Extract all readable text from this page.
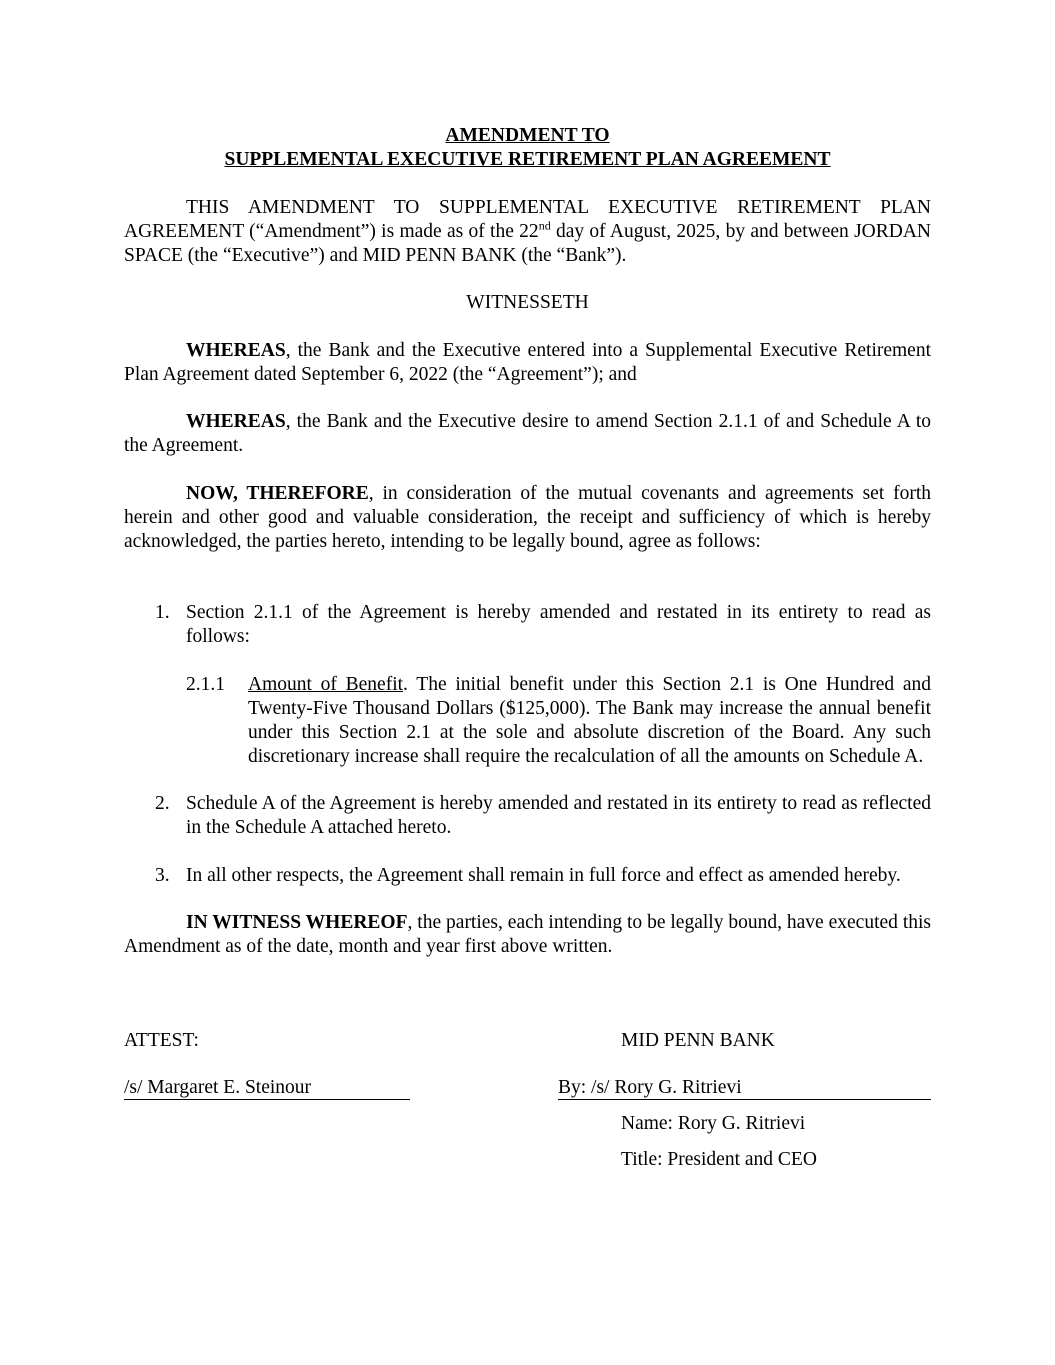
AMENDMENT TO

SUPPLEMENTAL EXECUTIVE RETIREMENT PLAN AGREEMENT

THIS AMENDMENT TO SUPPLEMENTAL EXECUTIVE RETIREMENT PLAN AGREEMENT (“Amendment”) is made as of the 22nd day of August, 2025, by and between JORDAN SPACE (the “Executive”) and MID PENN BANK (the “Bank”).

WITNESSETH

WHEREAS, the Bank and the Executive entered into a Supplemental Executive Retirement Plan Agreement dated September 6, 2022 (the “Agreement”); and

WHEREAS, the Bank and the Executive desire to amend Section 2.1.1 of and Schedule A to the Agreement.

NOW, THEREFORE, in consideration of the mutual covenants and agreements set forth herein and other good and valuable consideration, the receipt and sufficiency of which is hereby acknowledged, the parties hereto, intending to be legally bound, agree as follows:

1. Section 2.1.1 of the Agreement is hereby amended and restated in its entirety to read as follows:
2.1.1 Amount of Benefit. The initial benefit under this Section 2.1 is One Hundred and Twenty-Five Thousand Dollars ($125,000). The Bank may increase the annual benefit under this Section 2.1 at the sole and absolute discretion of the Board. Any such discretionary increase shall require the recalculation of all the amounts on Schedule A.
2. Schedule A of the Agreement is hereby amended and restated in its entirety to read as reflected in the Schedule A attached hereto.
3. In all other respects, the Agreement shall remain in full force and effect as amended hereby.

IN WITNESS WHEREOF, the parties, each intending to be legally bound, have executed this Amendment as of the date, month and year first above written.

ATTEST:	MID PENN BANK
/s/ Margaret E. Steinour	By: /s/ Rory G. Ritrievi
Name: Rory G. Ritrievi
Title: President and CEO
